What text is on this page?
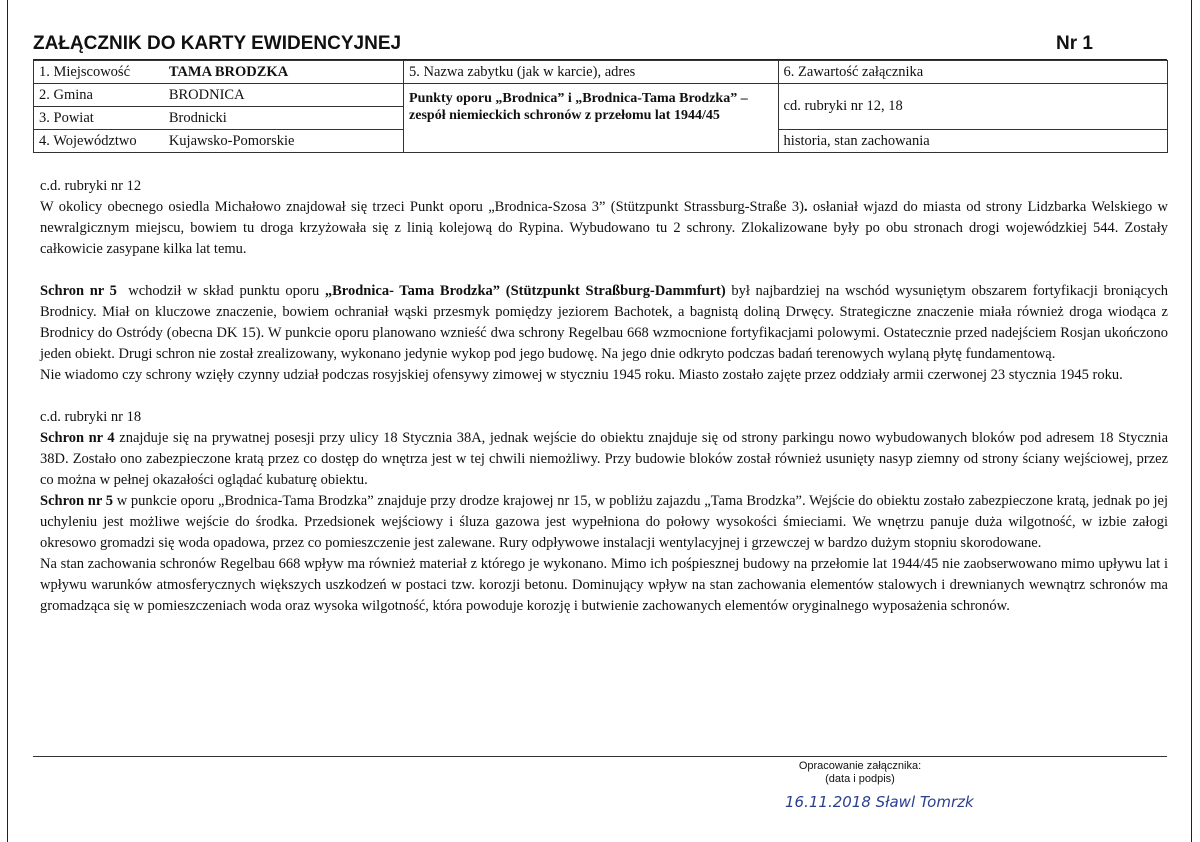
ZAŁĄCZNIK DO KARTY EWIDENCYJNEJ	Nr 1
1. Miejscowość	TAMA BRODZKA	5. Nazwa zabytku (jak w karcie), adres	6. Zawartość załącznika
2. Gmina	BRODNICA	Punkty oporu „Brodnica” i „Brodnica-Tama Brodzka” – zespół niemieckich schronów z przełomu lat 1944/45	cd. rubryki nr 12, 18
3. Powiat	Brodnicki		
4. Województwo	Kujawsko-Pomorskie		historia, stan zachowania

c.d. rubryki nr 12

W okolicy obecnego osiedla Michałowo znajdował się trzeci Punkt oporu „Brodnica-Szosa 3” (Stützpunkt Strassburg-Straße 3). osłaniał wjazd do miasta od strony Lidzbarka Welskiego w newralgicznym miejscu, bowiem tu droga krzyżowała się z linią kolejową do Rypina. Wybudowano tu 2 schrony. Zlokalizowane były po obu stronach drogi wojewódzkiej 544. Zostały całkowicie zasypane kilka lat temu.

Schron nr 5 wchodził w skład punktu oporu „Brodnica- Tama Brodzka” (Stützpunkt Straßburg-Dammfurt) był najbardziej na wschód wysuniętym obszarem fortyfikacji broniących Brodnicy. Miał on kluczowe znaczenie, bowiem ochraniał wąski przesmyk pomiędzy jeziorem Bachotek, a bagnistą doliną Drwęcy. Strategiczne znaczenie miała również droga wiodąca z Brodnicy do Ostródy (obecna DK 15). W punkcie oporu planowano wznieść dwa schrony Regelbau 668 wzmocnione fortyfikacjami polowymi. Ostatecznie przed nadejściem Rosjan ukończono jeden obiekt. Drugi schron nie został zrealizowany, wykonano jedynie wykop pod jego budowę. Na jego dnie odkryto podczas badań terenowych wylaną płytę fundamentową.

Nie wiadomo czy schrony wzięły czynny udział podczas rosyjskiej ofensywy zimowej w styczniu 1945 roku. Miasto zostało zajęte przez oddziały armii czerwonej 23 stycznia 1945 roku.

c.d. rubryki nr 18

Schron nr 4 znajduje się na prywatnej posesji przy ulicy 18 Stycznia 38A, jednak wejście do obiektu znajduje się od strony parkingu nowo wybudowanych bloków pod adresem 18 Stycznia 38D. Zostało ono zabezpieczone kratą przez co dostęp do wnętrza jest w tej chwili niemożliwy. Przy budowie bloków został również usunięty nasyp ziemny od strony ściany wejściowej, przez co można w pełnej okazałości oglądać kubaturę obiektu.

Schron nr 5 w punkcie oporu „Brodnica-Tama Brodzka” znajduje przy drodze krajowej nr 15, w pobliżu zajazdu „Tama Brodzka”. Wejście do obiektu zostało zabezpieczone kratą, jednak po jej uchyleniu jest możliwe wejście do środka. Przedsionek wejściowy i śluza gazowa jest wypełniona do połowy wysokości śmieciami. We wnętrzu panuje duża wilgotność, w izbie załogi okresowo gromadzi się woda opadowa, przez co pomieszczenie jest zalewane. Rury odpływowe instalacji wentylacyjnej i grzewczej w bardzo dużym stopniu skorodowane.

Na stan zachowania schronów Regelbau 668 wpływ ma również materiał z którego je wykonano. Mimo ich pośpiesznej budowy na przełomie lat 1944/45 nie zaobserwowano mimo upływu lat i wpływu warunków atmosferycznych większych uszkodzeń w postaci tzw. korozji betonu. Dominujący wpływ na stan zachowania elementów stalowych i drewnianych wewnątrz schronów ma gromadząca się w pomieszczeniach woda oraz wysoka wilgotność, która powoduje korozję i butwienie zachowanych elementów oryginalnego wyposażenia schronów.

Opracowanie załącznika:
(data i podpis)
16.11.2018 Sławl Tomrzk
